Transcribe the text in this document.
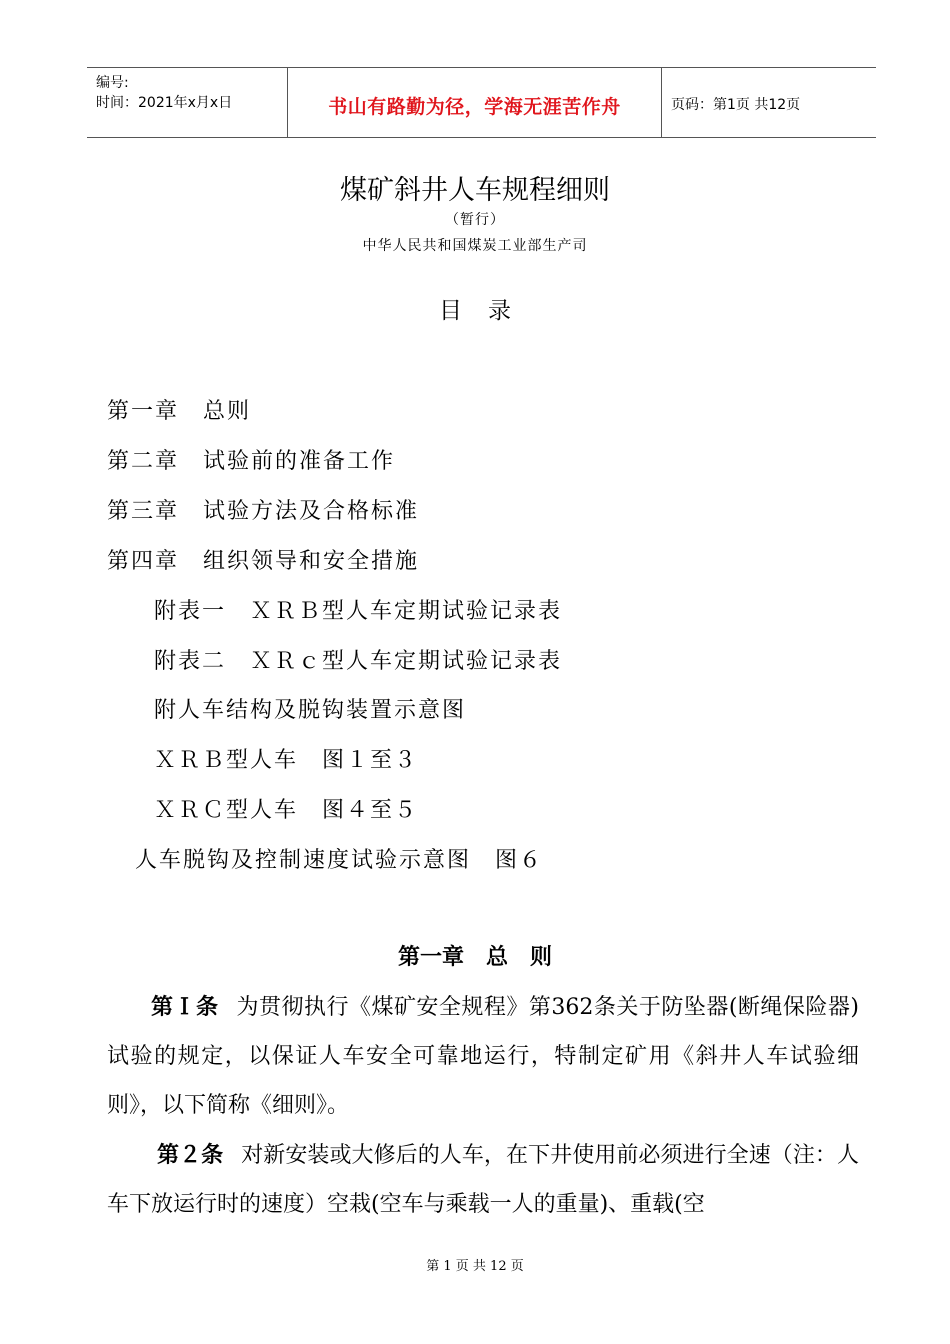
编号:
时间：2021年x月x日	书山有路勤为径，学海无涯苦作舟	页码：第1页 共12页
煤矿斜井人车规程细则
（暂行）
中华人民共和国煤炭工业部生产司
目录
第一章 总则
第二章 试验前的准备工作
第三章 试验方法及合格标准
第四章 组织领导和安全措施
附表一 ＸＲＢ型人车定期试验记录表
附表二 ＸＲｃ型人车定期试验记录表
附人车结构及脱钩装置示意图
ＸＲＢ型人车 图１至３
ＸＲＣ型人车 图４至５
人车脱钩及控制速度试验示意图 图６
第一章　总　则
第Ｉ条 为贯彻执行《煤矿安全规程》第362条关于防坠器(断绳保险器)试验的规定，以保证人车安全可靠地运行，特制定矿用《斜井人车试验细则》，以下简称《细则》。
第２条 对新安装或大修后的人车，在下井使用前必须进行全速（注：人车下放运行时的速度）空栽(空车与乘载一人的重量)、重载(空
第 1 页 共 12 页
